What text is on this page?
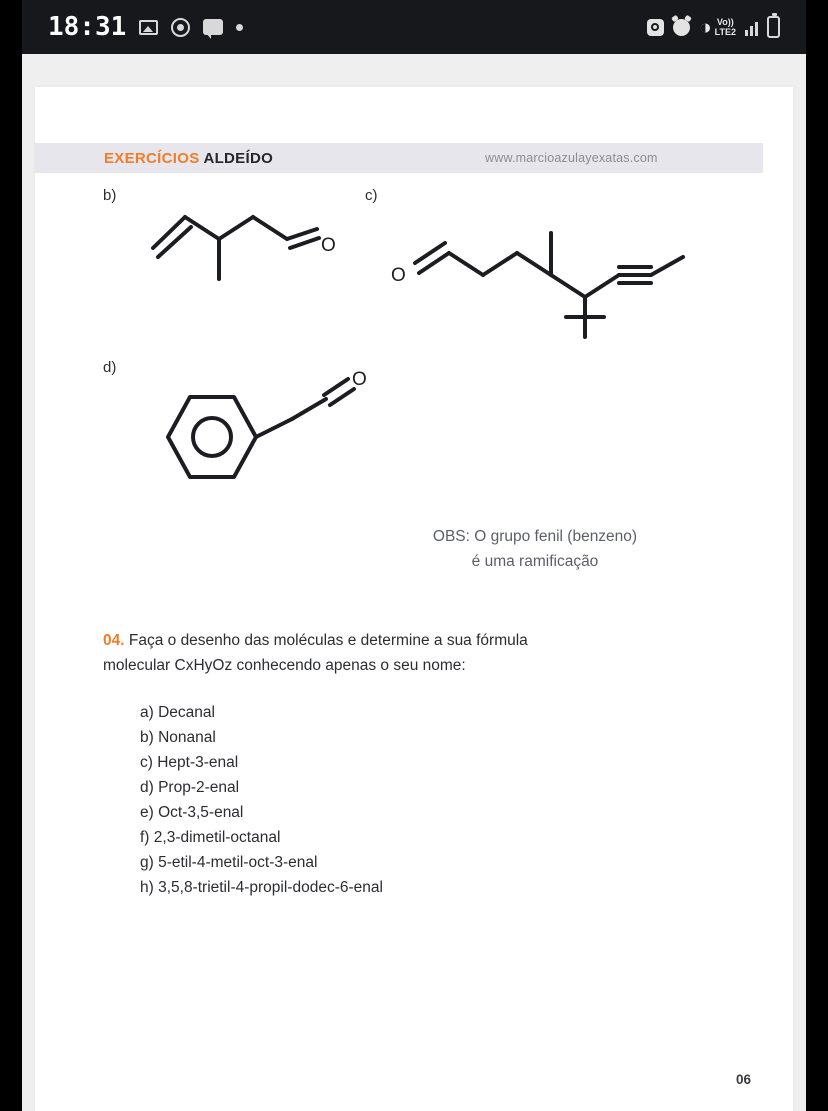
18:31	◑ Vo))
LTE2
EXERCÍCIOS ALDEÍDO	www.marcioazulayexatas.com
b)	c)
d)
O
O
O
OBS: O grupo fenil (benzeno)
é uma ramificação
04. Faça o desenho das moléculas e determine a sua fórmula
molecular CxHyOz conhecendo apenas o seu nome:
a) Decanal
b) Nonanal
c) Hept-3-enal
d) Prop-2-enal
e) Oct-3,5-enal
f) 2,3-dimetil-octanal
g) 5-etil-4-metil-oct-3-enal
h) 3,5,8-trietil-4-propil-dodec-6-enal
06
